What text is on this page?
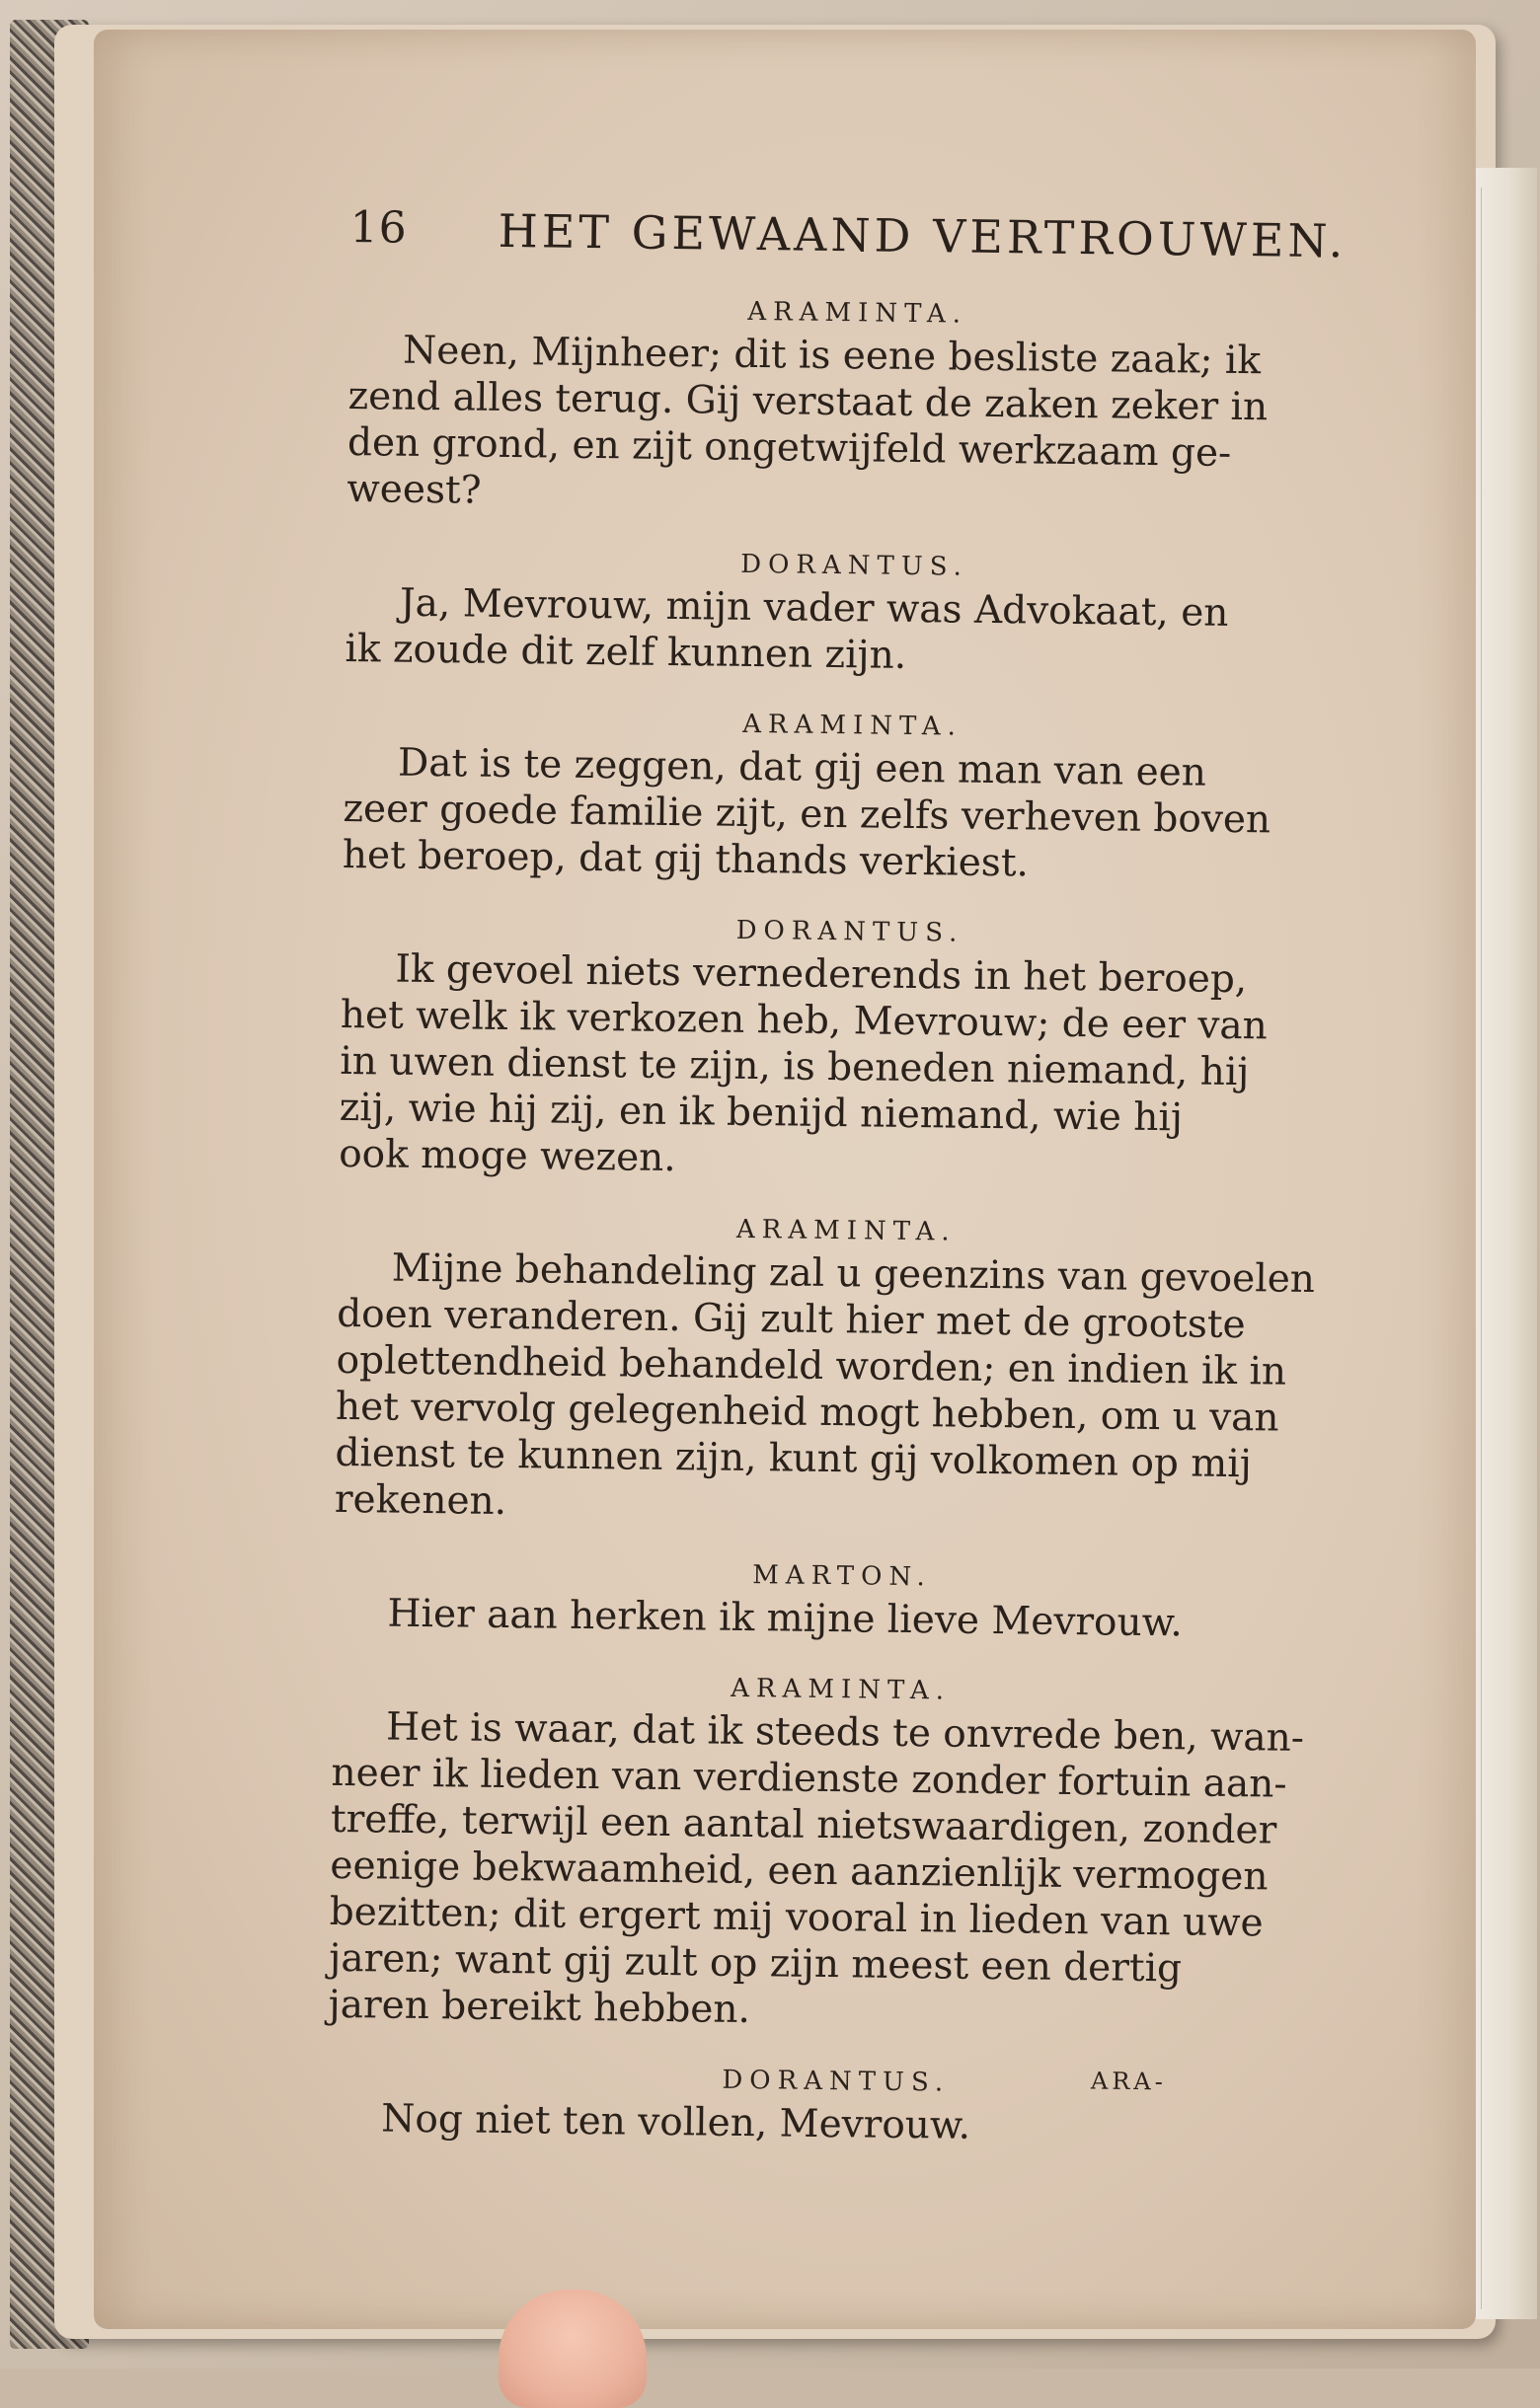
16 HET GEWAAND VERTROUWEN.
ARAMINTA.
Neen, Mijnheer; dit is eene besliste zaak; ik
zend alles terug. Gij verstaat de zaken zeker in
den grond, en zijt ongetwijfeld werkzaam ge-
weest?
DORANTUS.
Ja, Mevrouw, mijn vader was Advokaat, en
ik zoude dit zelf kunnen zijn.
ARAMINTA.
Dat is te zeggen, dat gij een man van een
zeer goede familie zijt, en zelfs verheven boven
het beroep, dat gij thands verkiest.
DORANTUS.
Ik gevoel niets vernederends in het beroep,
het welk ik verkozen heb, Mevrouw; de eer van
in uwen dienst te zijn, is beneden niemand, hij
zij, wie hij zij, en ik benijd niemand, wie hij
ook moge wezen.
ARAMINTA.
Mijne behandeling zal u geenzins van gevoelen
doen veranderen. Gij zult hier met de grootste
oplettendheid behandeld worden; en indien ik in
het vervolg gelegenheid mogt hebben, om u van
dienst te kunnen zijn, kunt gij volkomen op mij
rekenen.
MARTON.
Hier aan herken ik mijne lieve Mevrouw.
ARAMINTA.
Het is waar, dat ik steeds te onvrede ben, wan-
neer ik lieden van verdienste zonder fortuin aan-
treffe, terwijl een aantal nietswaardigen, zonder
eenige bekwaamheid, een aanzienlijk vermogen
bezitten; dit ergert mij vooral in lieden van uwe
jaren; want gij zult op zijn meest een dertig
jaren bereikt hebben.
DORANTUS.
Nog niet ten vollen, Mevrouw.
ARA-
